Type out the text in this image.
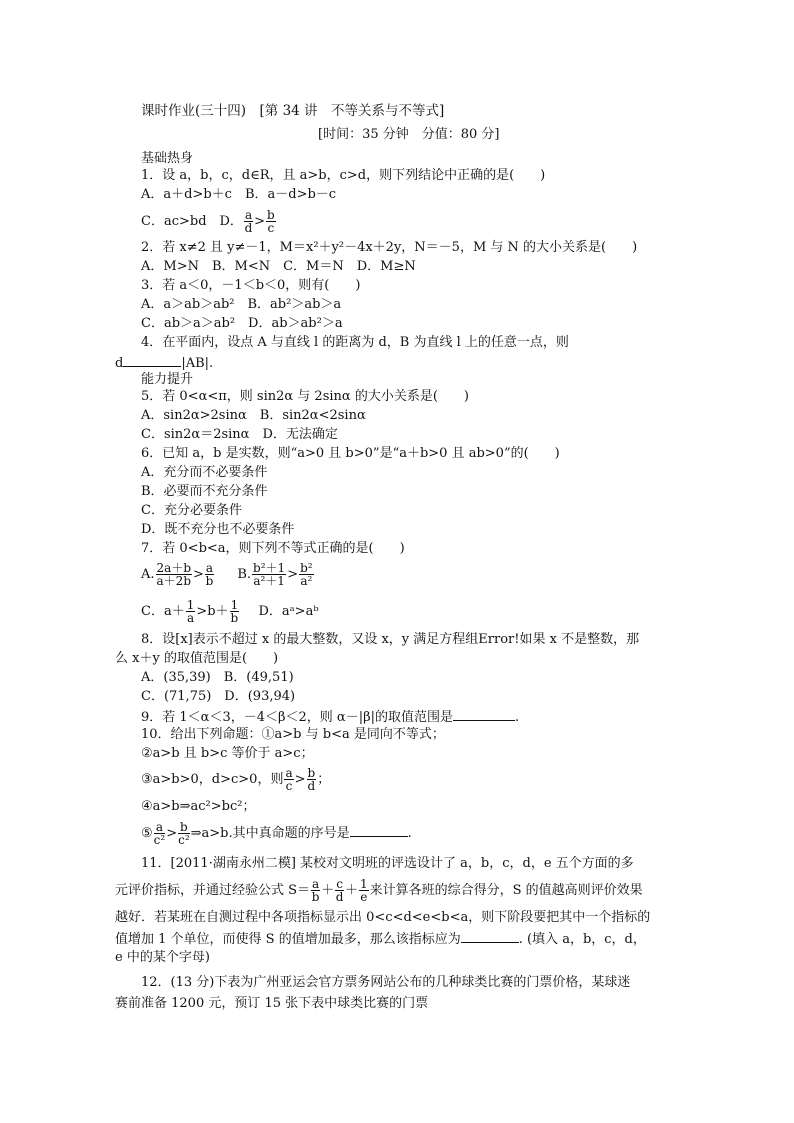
课时作业(三十四)　[第 34 讲　不等关系与不等式]
[时间：35 分钟　分值：80 分]
基础热身
1．设 a，b，c，d∈R，且 a>b，c>d，则下列结论中正确的是(　　)
A．a＋d>b＋c　B．a－d>b－c
C．ac>bd　D． $\frac{a}{d} > \frac{b}{c}$
2．若 x≠2 且 y≠－1，M＝x²＋y²－4x＋2y，N＝－5，M 与 N 的大小关系是(　　)
A．M>N　B．M<N　C．M＝N　D．M≥N
3．若 a＜0，－1＜b＜0，则有(　　)
A．a＞ab＞ab²　B．ab²＞ab＞a
C．ab＞a＞ab²　D．ab＞ab²＞a
4．在平面内，设点 A 与直线 l 的距离为 d，B 为直线 l 上的任意一点，则
d	|AB|.
能力提升
5．若 0<α<π，则 sin2α 与 2sinα 的大小关系是(　　)
A．sin2α>2sinα　B．sin2α<2sinα
C．sin2α＝2sinα　D．无法确定
6．已知 a，b 是实数，则“a>0 且 b>0”是“a＋b>0 且 ab>0”的(　　)
A．充分而不必要条件
B．必要而不充分条件
C．充分必要条件
D．既不充分也不必要条件
7．若 0<b<a，则下列不等式正确的是(　　)
A. $\frac{2a+b}{a+2b} > \frac{a}{b} B$. $\frac{\text{b²＋1}}{\text{a²＋1}} > \frac{\text{b²}}{\text{a²}}$
C．$a+ \frac{1}{a} >b+ \frac{1}{b}$ D．aᵃ>aᵇ
8．设[x]表示不超过 x 的最大整数，又设 x，y 满足方程组Error!如果 x 不是整数，那
么 x＋y 的取值范围是(　　)
A．(35,39)　B．(49,51)
C．(71,75)　D．(93,94)
9．若 1＜α＜3，－4＜β＜2，则 α－|β|的取值范围是	.
10．给出下列命题：①a>b 与 b<a 是同向不等式；
②a>b 且 b>c 等价于 a>c；
③a>b>0，d>c>0，则 $\frac{a}{c} > \frac{b}{d}$ ；
④a>b⇒ac²>bc²；
⑤ $\frac{a}{\text{c²}} > \frac{b}{\text{c²}}$ ⇒a>b.其中真命题的序号是	.
11．[2011·湖南永州二模] 某校对文明班的评选设计了 a，b，c，d，e 五个方面的多
元评价指标，并通过经验公式 $S= \frac{a}{b} + \frac{c}{d} + \frac{1}{e}$ 来计算各班的综合得分，S 的值越高则评价效果
越好．若某班在自测过程中各项指标显示出 0<c<d<e<b<a，则下阶段要把其中一个指标的
值增加 1 个单位，而使得 S 的值增加最多，那么该指标应为	. (填入 a，b，c，d，
e 中的某个字母)
12．(13 分)下表为广州亚运会官方票务网站公布的几种球类比赛的门票价格，某球迷
赛前准备 1200 元，预订 15 张下表中球类比赛的门票
